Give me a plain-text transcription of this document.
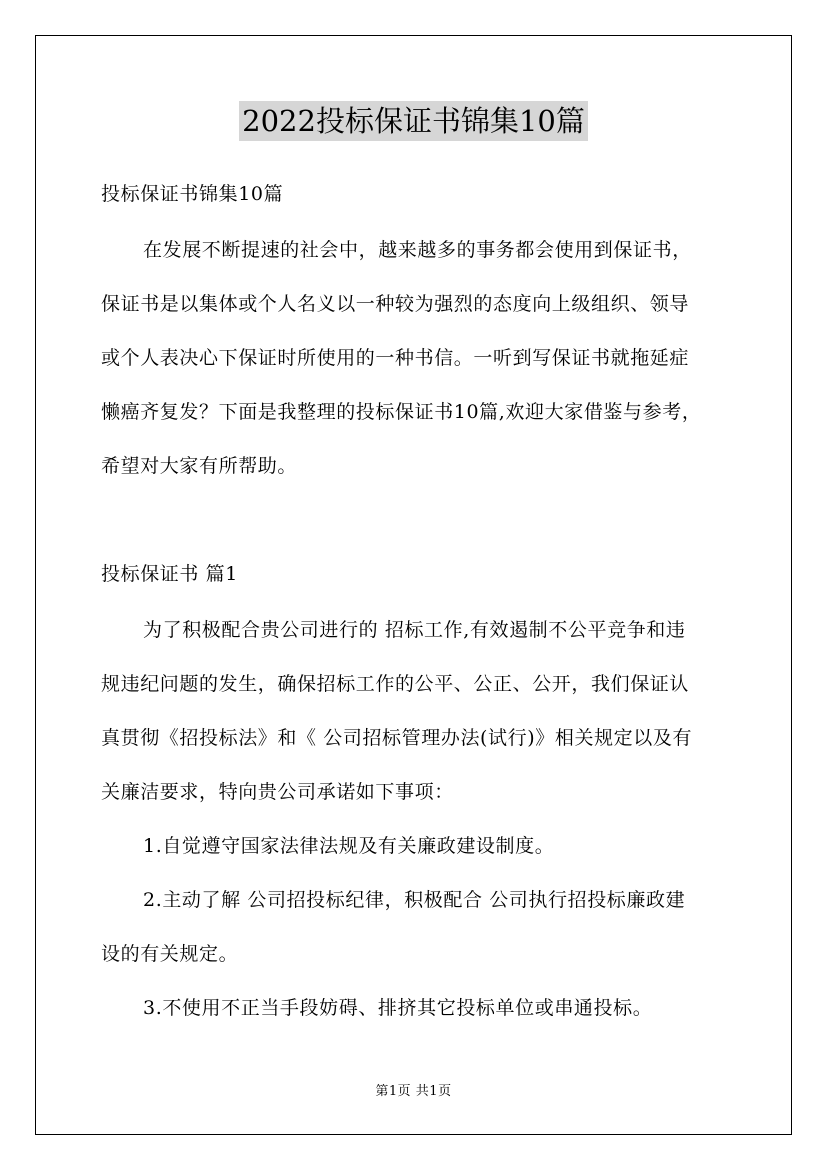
2022投标保证书锦集10篇
投标保证书锦集10篇
在发展不断提速的社会中，越来越多的事务都会使用到保证书，
保证书是以集体或个人名义以一种较为强烈的态度向上级组织、领导
或个人表决心下保证时所使用的一种书信。一听到写保证书就拖延症
懒癌齐复发？下面是我整理的投标保证书10篇,欢迎大家借鉴与参考，
希望对大家有所帮助。
投标保证书 篇1
为了积极配合贵公司进行的 招标工作,有效遏制不公平竞争和违
规违纪问题的发生，确保招标工作的公平、公正、公开，我们保证认
真贯彻《招投标法》和《 公司招标管理办法(试行)》相关规定以及有
关廉洁要求，特向贵公司承诺如下事项：
1.自觉遵守国家法律法规及有关廉政建设制度。
2.主动了解 公司招投标纪律，积极配合 公司执行招投标廉政建
设的有关规定。
3.不使用不正当手段妨碍、排挤其它投标单位或串通投标。
第1页 共1页
